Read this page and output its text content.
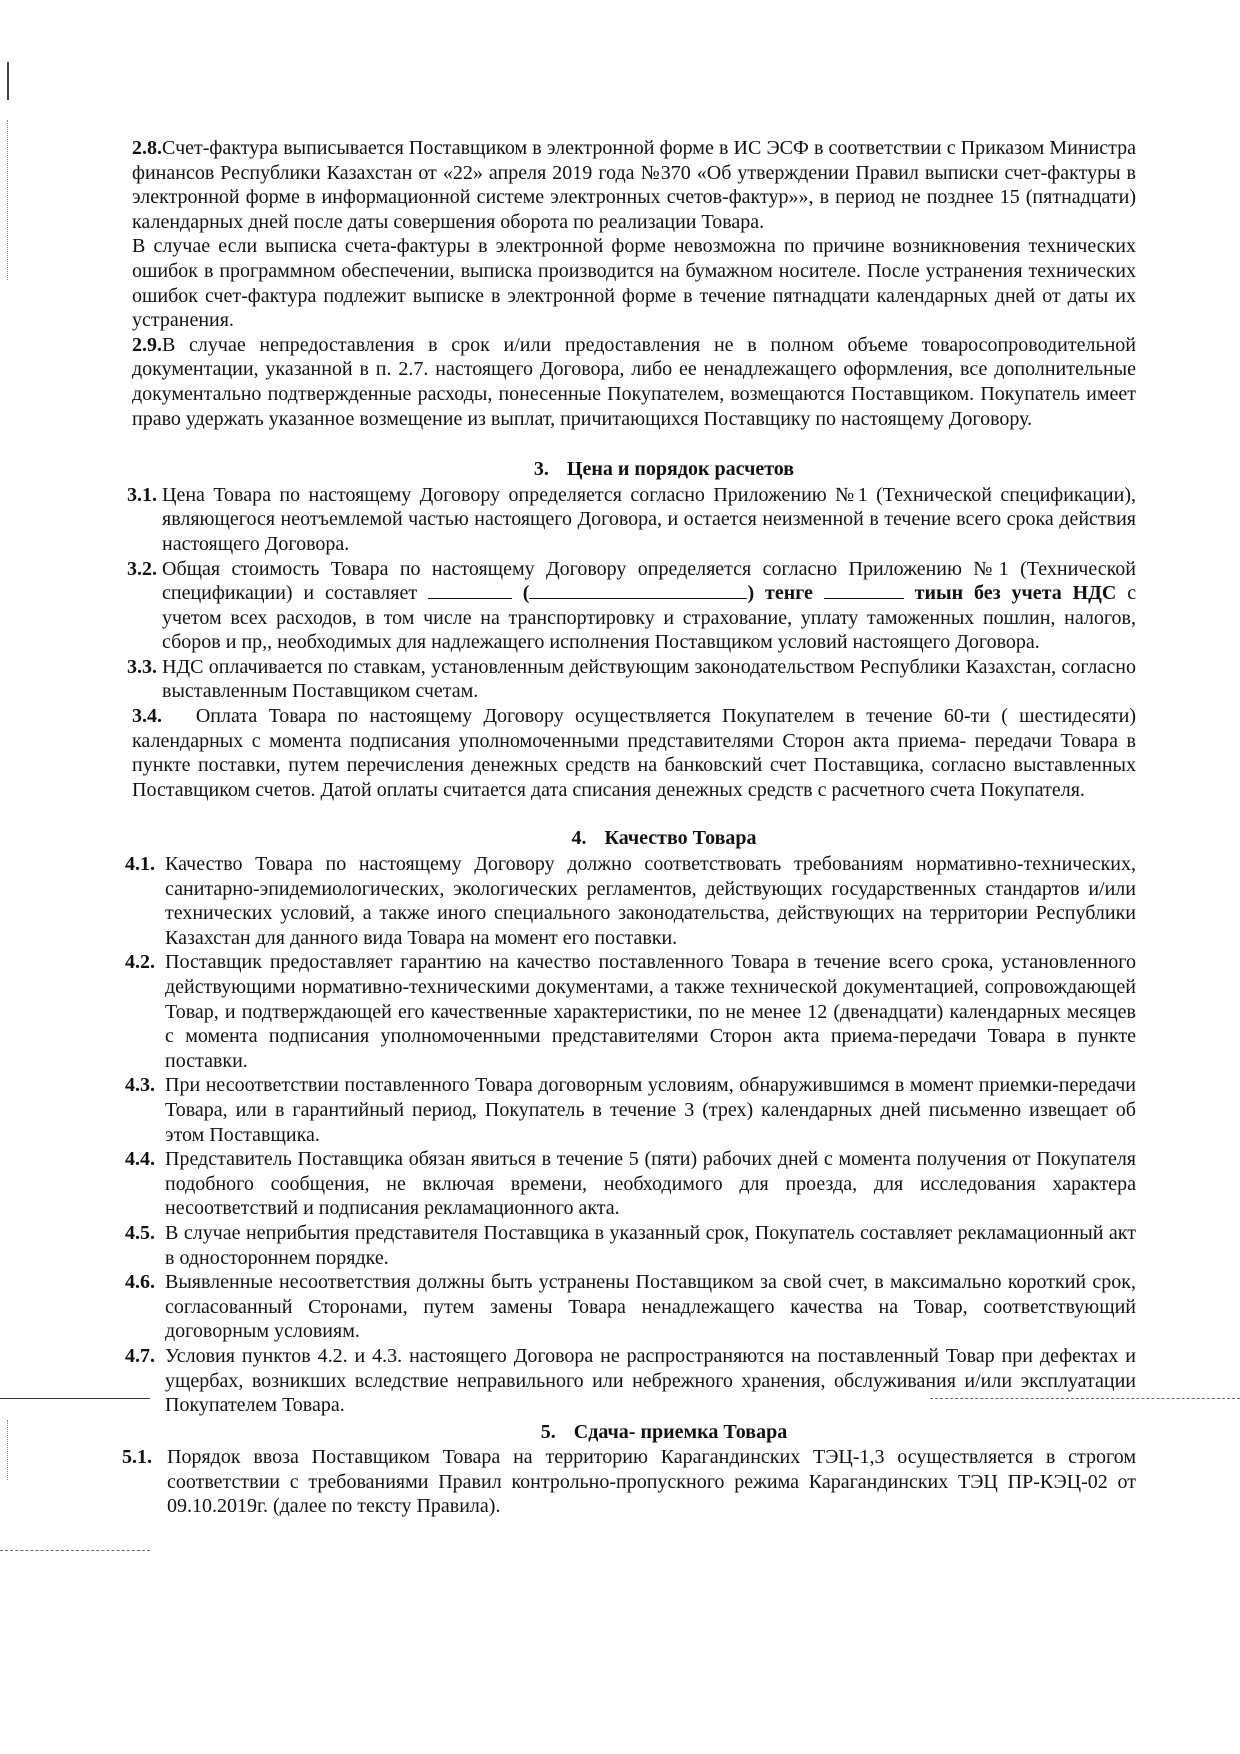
2.8.Счет-фактура выписывается Поставщиком в электронной форме в ИС ЭСФ в соответствии с Приказом Министра финансов Республики Казахстан от «22» апреля 2019 года №370 «Об утверждении Правил выписки счет-фактуры в электронной форме в информационной системе электронных счетов-фактур»», в период не позднее 15 (пятнадцати) календарных дней после даты совершения оборота по реализации Товара.

В случае если выписка счета-фактуры в электронной форме невозможна по причине возникновения технических ошибок в программном обеспечении, выписка производится на бумажном носителе. После устранения технических ошибок счет-фактура подлежит выписке в электронной форме в течение пятнадцати календарных дней от даты их устранения.

2.9.В случае непредоставления в срок и/или предоставления не в полном объеме товаросопроводительной документации, указанной в п. 2.7. настоящего Договора, либо ее ненадлежащего оформления, все дополнительные документально подтвержденные расходы, понесенные Покупателем, возмещаются Поставщиком. Покупатель имеет право удержать указанное возмещение из выплат, причитающихся Поставщику по настоящему Договору.

3. Цена и порядок расчетов
3.1. Цена Товара по настоящему Договору определяется согласно Приложению №1 (Технической спецификации), являющегося неотъемлемой частью настоящего Договора, и остается неизменной в течение всего срока действия настоящего Договора.
3.2. Общая стоимость Товара по настоящему Договору определяется согласно Приложению №1 (Технической спецификации) и составляет	(	) тенге	тиын без учета НДС с учетом всех расходов, в том числе на транспортировку и страхование, уплату таможенных пошлин, налогов, сборов и пр,, необходимых для надлежащего исполнения Поставщиком условий настоящего Договора.
3.3. НДС оплачивается по ставкам, установленным действующим законодательством Республики Казахстан, согласно выставленным Поставщиком счетам.

3.4. Оплата Товара по настоящему Договору осуществляется Покупателем в течение 60-ти ( шестидесяти) календарных с момента подписания уполномоченными представителями Сторон акта приема- передачи Товара в пункте поставки, путем перечисления денежных средств на банковский счет Поставщика, согласно выставленных Поставщиком счетов. Датой оплаты считается дата списания денежных средств с расчетного счета Покупателя.

4. Качество Товара
4.1. Качество Товара по настоящему Договору должно соответствовать требованиям нормативно-технических, санитарно-эпидемиологических, экологических регламентов, действующих государственных стандартов и/или технических условий, а также иного специального законодательства, действующих на территории Республики Казахстан для данного вида Товара на момент его поставки.
4.2. Поставщик предоставляет гарантию на качество поставленного Товара в течение всего срока, установленного действующими нормативно-техническими документами, а также технической документацией, сопровождающей Товар, и подтверждающей его качественные характеристики, по не менее 12 (двенадцати) календарных месяцев с момента подписания уполномоченными представителями Сторон акта приема-передачи Товара в пункте поставки.
4.3. При несоответствии поставленного Товара договорным условиям, обнаружившимся в момент приемки-передачи Товара, или в гарантийный период, Покупатель в течение 3 (трех) календарных дней письменно извещает об этом Поставщика.
4.4. Представитель Поставщика обязан явиться в течение 5 (пяти) рабочих дней с момента получения от Покупателя подобного сообщения, не включая времени, необходимого для проезда, для исследования характера несоответствий и подписания рекламационного акта.
4.5. В случае неприбытия представителя Поставщика в указанный срок, Покупатель составляет рекламационный акт в одностороннем порядке.
4.6. Выявленные несоответствия должны быть устранены Поставщиком за свой счет, в максимально короткий срок, согласованный Сторонами, путем замены Товара ненадлежащего качества на Товар, соответствующий договорным условиям.
4.7. Условия пунктов 4.2. и 4.3. настоящего Договора не распространяются на поставленный Товар при дефектах и ущербах, возникших вследствие неправильного или небрежного хранения, обслуживания и/или эксплуатации Покупателем Товара.
5. Сдача- приемка Товара
5.1. Порядок ввоза Поставщиком Товара на территорию Карагандинских ТЭЦ-1,3 осуществляется в строгом соответствии с требованиями Правил контрольно-пропускного режима Карагандинских ТЭЦ ПР-КЭЦ-02 от 09.10.2019г. (далее по тексту Правила).
